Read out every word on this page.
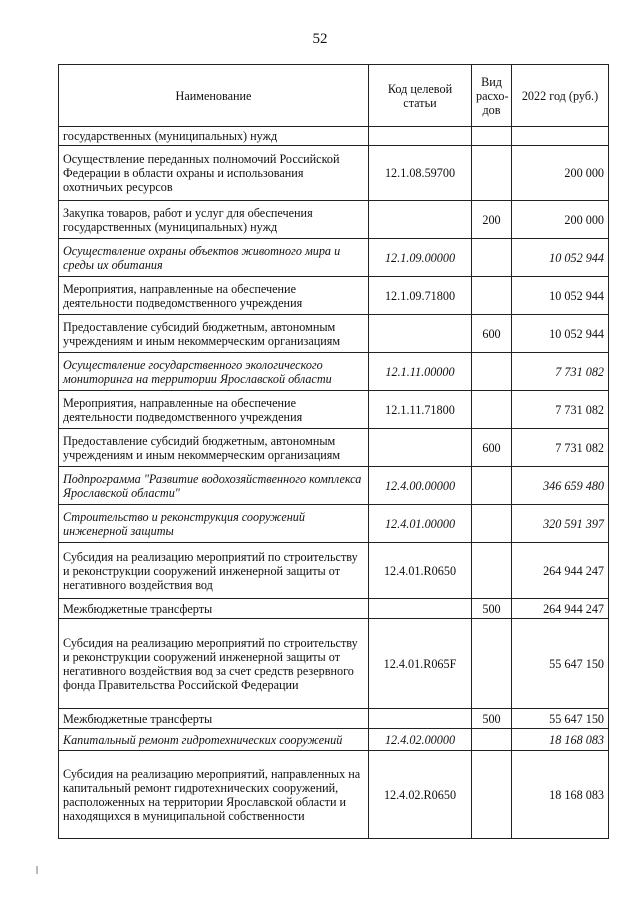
52
Наименование	Код целевой статьи	Вид расхо-дов	2022 год (руб.)
государственных (муниципальных) нужд			
Осуществление переданных полномочий Российской Федерации в области охраны и использования охотничьих ресурсов	12.1.08.59700		200 000
Закупка товаров, работ и услуг для обеспечения государственных (муниципальных) нужд		200	200 000
Осуществление охраны объектов животного мира и среды их обитания	12.1.09.00000		10 052 944
Мероприятия, направленные на обеспечение деятельности подведомственного учреждения	12.1.09.71800		10 052 944
Предоставление субсидий бюджетным, автономным учреждениям и иным некоммерческим организациям		600	10 052 944
Осуществление государственного экологического мониторинга на территории Ярославской области	12.1.11.00000		7 731 082
Мероприятия, направленные на обеспечение деятельности подведомственного учреждения	12.1.11.71800		7 731 082
Предоставление субсидий бюджетным, автономным учреждениям и иным некоммерческим организациям		600	7 731 082
Подпрограмма "Развитие водохозяйственного комплекса Ярославской области"	12.4.00.00000		346 659 480
Строительство и реконструкция сооружений инженерной защиты	12.4.01.00000		320 591 397
Субсидия на реализацию мероприятий по строительству и реконструкции сооружений инженерной защиты от негативного воздействия вод	12.4.01.R0650		264 944 247
Межбюджетные трансферты		500	264 944 247
Субсидия на реализацию мероприятий по строительству и реконструкции сооружений инженерной защиты от негативного воздействия вод за счет средств резервного фонда Правительства Российской Федерации	12.4.01.R065F		55 647 150
Межбюджетные трансферты		500	55 647 150
Капитальный ремонт гидротехнических сооружений	12.4.02.00000		18 168 083
Субсидия на реализацию мероприятий, направленных на капитальный ремонт гидротехнических сооружений, расположенных на территории Ярославской области и находящихся в муниципальной собственности	12.4.02.R0650		18 168 083
